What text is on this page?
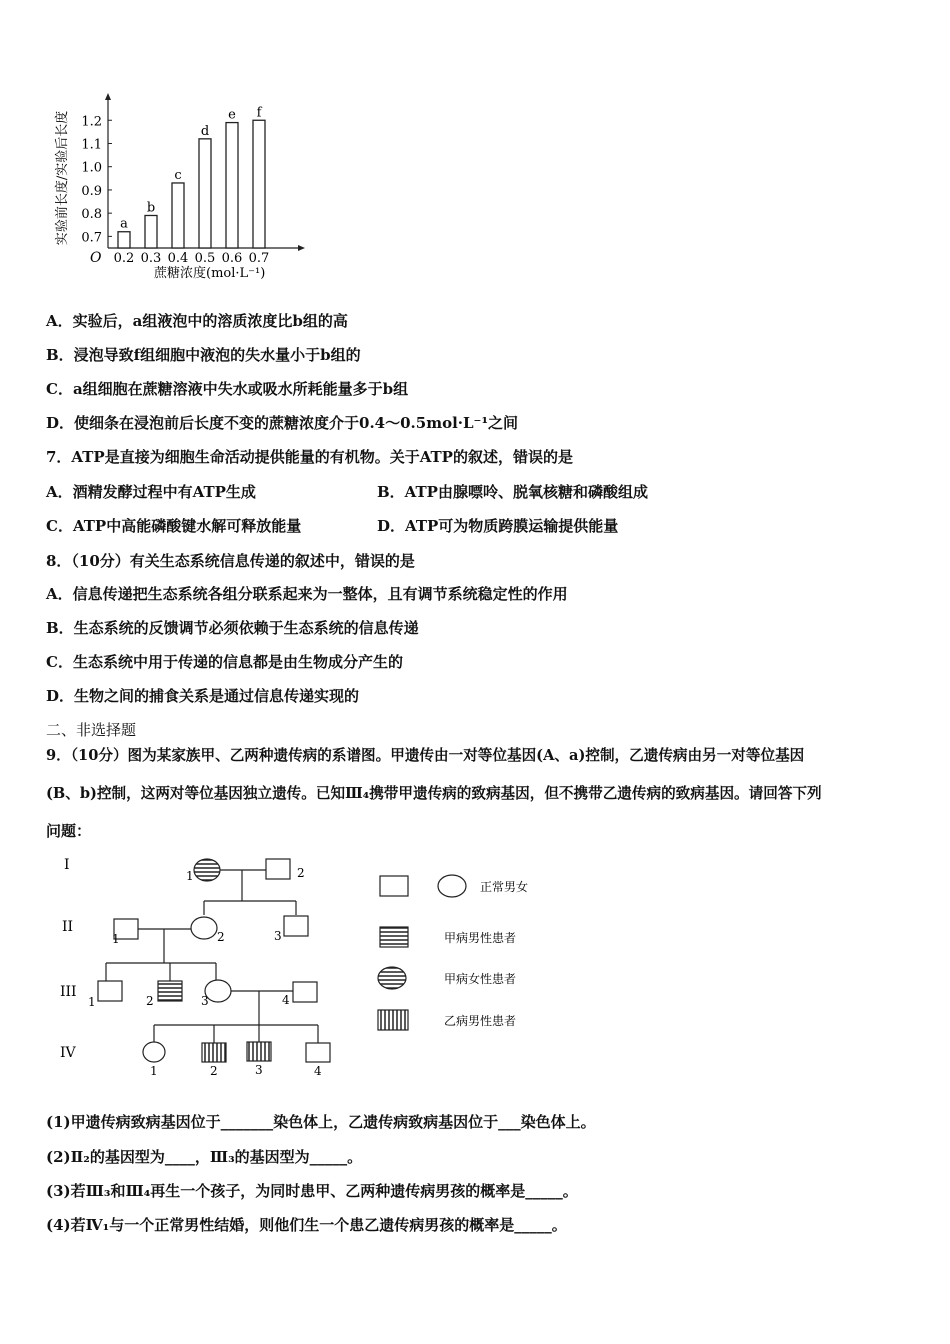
0.7
0.8
0.9
1.0
1.1
1.2
a
b
c
d
e f
0.2 0.3 0.4 0.5 0.6 0.7
O
蔗糖浓度(mol·L⁻¹)
实验前长度/实验后长度
A．实验后，a组液泡中的溶质浓度比b组的高
B．浸泡导致f组细胞中液泡的失水量小于b组的
C．a组细胞在蔗糖溶液中失水或吸水所耗能量多于b组
D．使细条在浸泡前后长度不变的蔗糖浓度介于0.4～0.5mol·L⁻¹之间
7．ATP是直接为细胞生命活动提供能量的有机物。关于ATP的叙述，错误的是
A．酒精发酵过程中有ATP生成	B．ATP由腺嘌呤、脱氧核糖和磷酸组成
C．ATP中高能磷酸键水解可释放能量	D．ATP可为物质跨膜运输提供能量
8．（10分）有关生态系统信息传递的叙述中，错误的是
A．信息传递把生态系统各组分联系起来为一整体，且有调节系统稳定性的作用
B．生态系统的反馈调节必须依赖于生态系统的信息传递
C．生态系统中用于传递的信息都是由生物成分产生的
D．生物之间的捕食关系是通过信息传递实现的
二、非选择题
9．（10分）图为某家族甲、乙两种遗传病的系谱图。甲遗传由一对等位基因(A、a)控制，乙遗传病由另一对等位基因
(B、b)控制，这两对等位基因独立遗传。已知Ⅲ₄携带甲遗传病的致病基因，但不携带乙遗传病的致病基因。请回答下列
问题：
I
II
III
IV
1	2
1	2	3
1	2	3	4
1	2	3	4
正常男女
甲病男性患者
甲病女性患者
乙病男性患者
(1)甲遗传病致病基因位于_______染色体上，乙遗传病致病基因位于___染色体上。
(2)Ⅱ₂的基因型为____，Ⅲ₃的基因型为_____。
(3)若Ⅲ₃和Ⅲ₄再生一个孩子，为同时患甲、乙两种遗传病男孩的概率是_____。
(4)若Ⅳ₁与一个正常男性结婚，则他们生一个患乙遗传病男孩的概率是_____。
